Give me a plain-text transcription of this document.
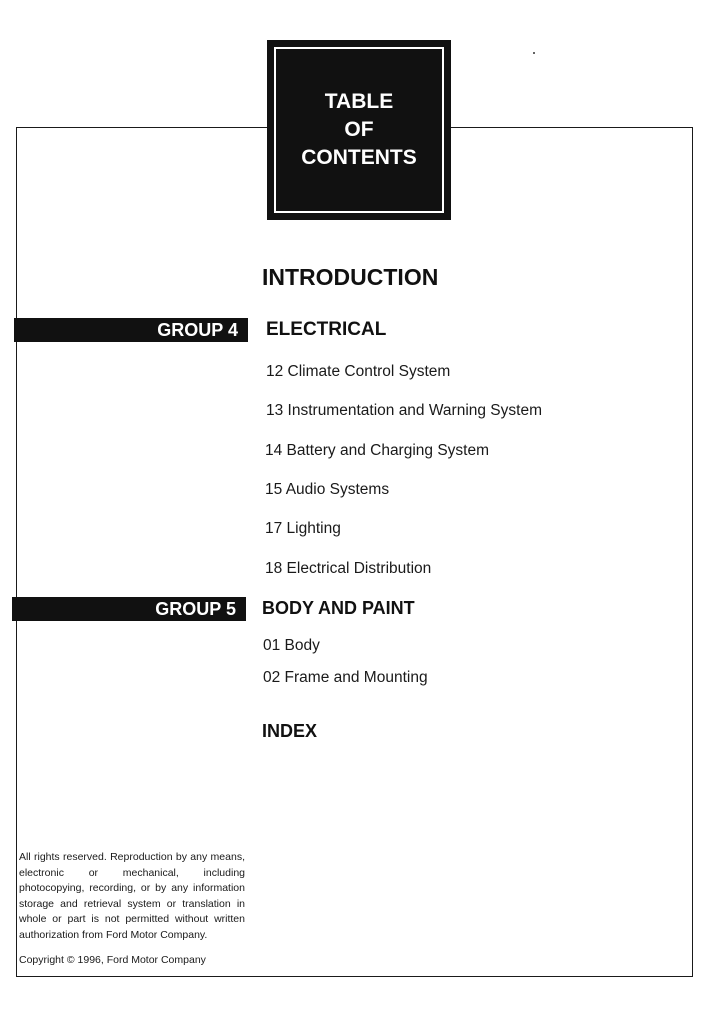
TABLE
OF
CONTENTS
INTRODUCTION
GROUP 4	ELECTRICAL
12 Climate Control System
13 Instrumentation and Warning System
14 Battery and Charging System
15 Audio Systems
17 Lighting
18 Electrical Distribution
GROUP 5	BODY AND PAINT
01 Body
02 Frame and Mounting
INDEX
All rights reserved. Reproduction by any means, electronic or mechanical, including photocopying, recording, or by any information storage and retrieval system or translation in whole or part is not permitted without written authorization from Ford Motor Company.
Copyright © 1996, Ford Motor Company
